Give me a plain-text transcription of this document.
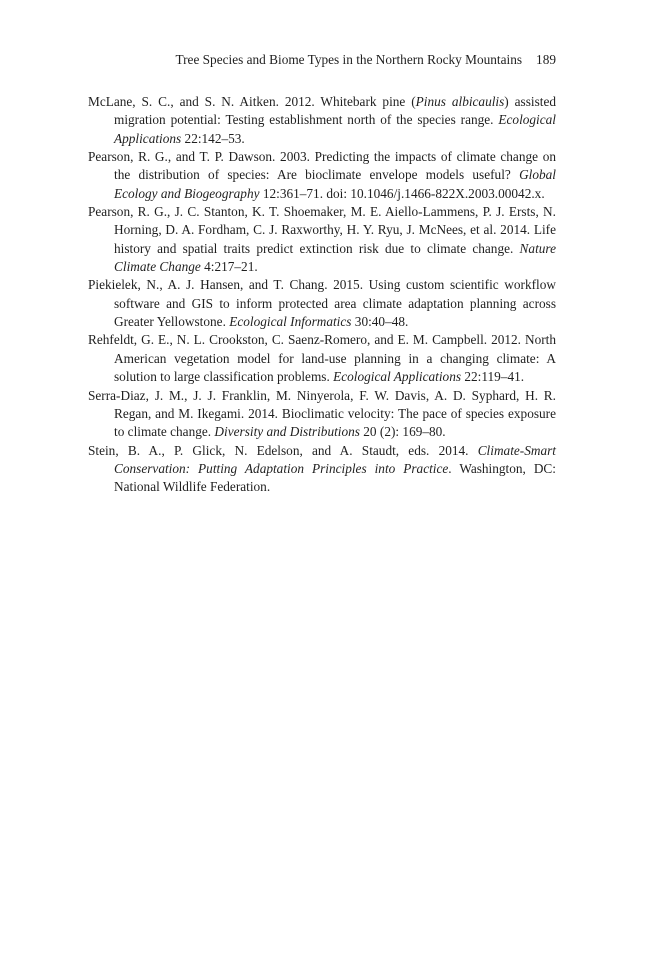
Tree Species and Biome Types in the Northern Rocky Mountains 189

McLane, S. C., and S. N. Aitken. 2012. Whitebark pine (Pinus albicaulis) assisted migration potential: Testing establishment north of the species range. Ecological Applications 22:142–53.

Pearson, R. G., and T. P. Dawson. 2003. Predicting the impacts of climate change on the distribution of species: Are bioclimate envelope models useful? Global Ecology and Biogeography 12:361–71. doi: 10.1046/j.1466-822X.2003.00042.x.

Pearson, R. G., J. C. Stanton, K. T. Shoemaker, M. E. Aiello-Lammens, P. J. Ersts, N. Horning, D. A. Fordham, C. J. Raxworthy, H. Y. Ryu, J. McNees, et al. 2014. Life history and spatial traits predict extinction risk due to climate change. Nature Climate Change 4:217–21.

Piekielek, N., A. J. Hansen, and T. Chang. 2015. Using custom scientific workflow software and GIS to inform protected area climate adaptation planning across Greater Yellowstone. Ecological Informatics 30:40–48.

Rehfeldt, G. E., N. L. Crookston, C. Saenz-Romero, and E. M. Campbell. 2012. North American vegetation model for land-use planning in a changing climate: A solution to large classification problems. Ecological Applications 22:119–41.

Serra-Diaz, J. M., J. J. Franklin, M. Ninyerola, F. W. Davis, A. D. Syphard, H. R. Regan, and M. Ikegami. 2014. Bioclimatic velocity: The pace of species exposure to climate change. Diversity and Distributions 20 (2): 169–80.

Stein, B. A., P. Glick, N. Edelson, and A. Staudt, eds. 2014. Climate-Smart Conservation: Putting Adaptation Principles into Practice. Washington, DC: National Wildlife Federation.
